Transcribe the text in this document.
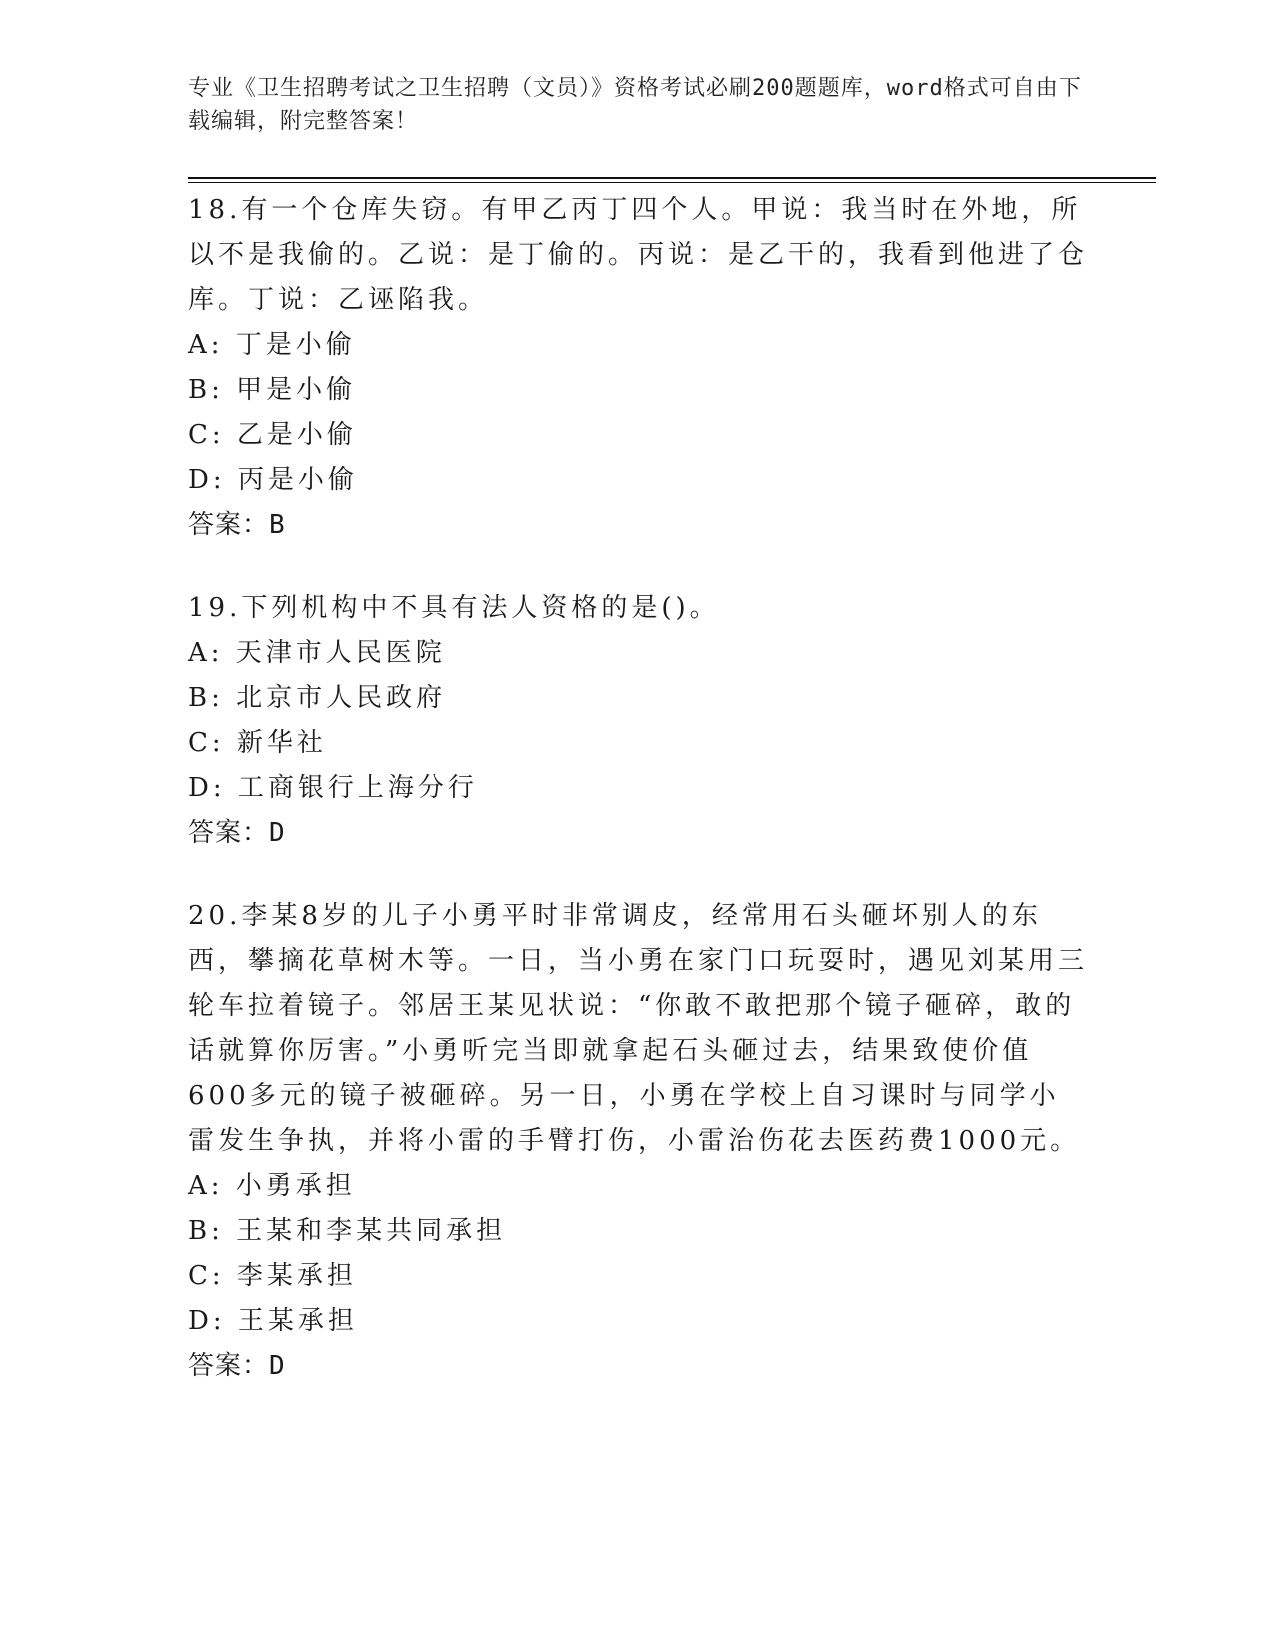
专业《卫生招聘考试之卫生招聘（文员）》资格考试必刷200题题库，word格式可自由下载编辑，附完整答案！

18.有一个仓库失窃。有甲乙丙丁四个人。甲说：我当时在外地，所以不是我偷的。乙说：是丁偷的。丙说：是乙干的，我看到他进了仓库。丁说：乙诬陷我。

A: 丁是小偷

B: 甲是小偷

C: 乙是小偷

D: 丙是小偷

答案：B

19.下列机构中不具有法人资格的是()。

A: 天津市人民医院

B: 北京市人民政府

C: 新华社

D: 工商银行上海分行

答案：D

20.李某8岁的儿子小勇平时非常调皮，经常用石头砸坏别人的东西，攀摘花草树木等。一日，当小勇在家门口玩耍时，遇见刘某用三轮车拉着镜子。邻居王某见状说：“你敢不敢把那个镜子砸碎，敢的话就算你厉害。”小勇听完当即就拿起石头砸过去，结果致使价值600多元的镜子被砸碎。另一日，小勇在学校上自习课时与同学小雷发生争执，并将小雷的手臂打伤，小雷治伤花去医药费1000元。

A: 小勇承担

B: 王某和李某共同承担

C: 李某承担

D: 王某承担

答案：D
